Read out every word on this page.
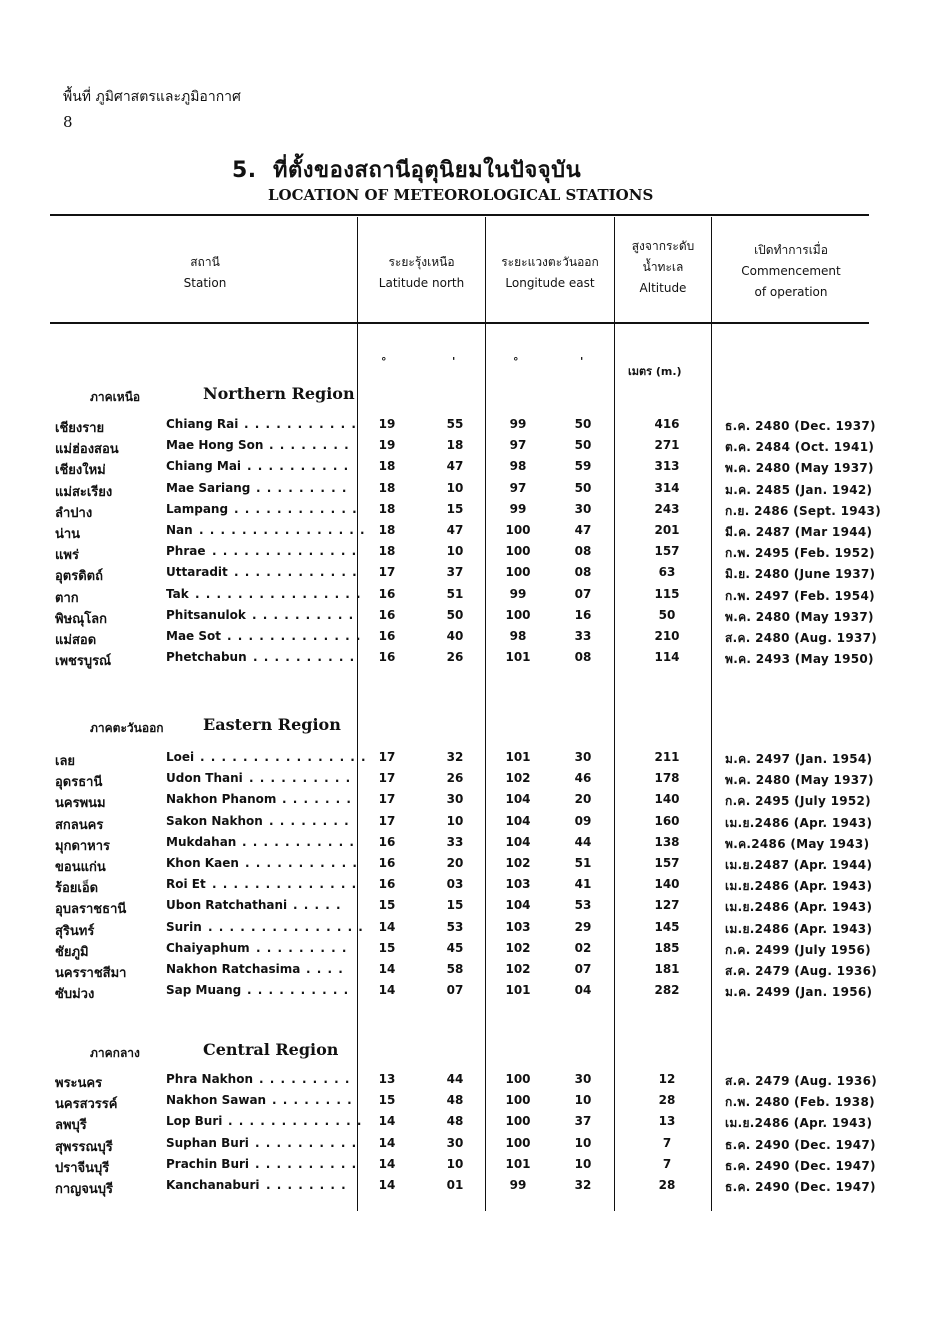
พื้นที่ ภูมิศาสตรและภูมิอากาศ
8
5. ที่ตั้งของสถานีอุตุนิยมในปัจจุบัน
LOCATION OF METEOROLOGICAL STATIONS
สถานี
Station
ระยะรุ้งเหนือ
Latitude north
ระยะแวงตะวันออก
Longitude east
สูงจากระดับ
น้ำทะเล
Altitude
เปิดทำการเมื่อ
Commencement
of operation
°	'	°	'
เมตร (m.)
ภาคเหนือ	Northern Region
เชียงราย	Chiang Rai	19	55	99	50	416	ธ.ค. 2480 (Dec. 1937)
. . . . . . . . . . .
แม่ฮ่องสอน	Mae Hong Son	19	18	97	50	271	ต.ค. 2484 (Oct. 1941)
. . . . . . . .
เชียงใหม่	Chiang Mai	18	47	98	59	313	พ.ค. 2480 (May 1937)
. . . . . . . . . .
แม่สะเรียง	Mae Sariang	18	10	97	50	314	ม.ค. 2485 (Jan. 1942)
. . . . . . . . .
ลำปาง	Lampang	18	15	99	30	243	ก.ย. 2486 (Sept. 1943)
. . . . . . . . . . . .
น่าน	Nan	18	47	100	47	201	มี.ค. 2487 (Mar 1944)
. . . . . . . . . . . . . . . .
แพร่	Phrae	18	10	100	08	157	ก.พ. 2495 (Feb. 1952)
. . . . . . . . . . . . . .
อุตรดิตถ์	Uttaradit	17	37	100	08	63	มิ.ย. 2480 (June 1937)
. . . . . . . . . . . .
ตาก	Tak	16	51	99	07	115	ก.พ. 2497 (Feb. 1954)
. . . . . . . . . . . . . . . .
พิษณุโลก	Phitsanulok	16	50	100	16	50	พ.ค. 2480 (May 1937)
. . . . . . . . . .
แม่สอด	Mae Sot	16	40	98	33	210	ส.ค. 2480 (Aug. 1937)
. . . . . . . . . . . . .
เพชรบูรณ์	Phetchabun	16	26	101	08	114	พ.ค. 2493 (May 1950)
. . . . . . . . . .
ภาคตะวันออก Eastern Region
เลย	Loei	17	32	101	30	211	ม.ค. 2497 (Jan. 1954)
. . . . . . . . . . . . . . . .
อุดรธานี	Udon Thani	17	26	102	46	178	พ.ค. 2480 (May 1937)
. . . . . . . . . .
นครพนม	Nakhon Phanom	17	30	104	20	140	ก.ค. 2495 (July 1952)
. . . . . . .
สกลนคร	Sakon Nakhon	17	10	104	09	160	เม.ย.2486 (Apr. 1943)
. . . . . . . .
มุกดาหาร	Mukdahan	16	33	104	44	138	พ.ค.2486 (May 1943)
. . . . . . . . . . .
ขอนแก่น	Khon Kaen	16	20	102	51	157	เม.ย.2487 (Apr. 1944)
. . . . . . . . . . .
ร้อยเอ็ด	Roi Et	16	03	103	41	140	เม.ย.2486 (Apr. 1943)
. . . . . . . . . . . . . .
อุบลราชธานี	Ubon Ratchathani	15	15	104	53	127	เม.ย.2486 (Apr. 1943)
. . . . .
สุรินทร์	Surin	14	53	103	29	145	เม.ย.2486 (Apr. 1943)
. . . . . . . . . . . . . . .
ชัยภูมิ	Chaiyaphum	15	45	102	02	185	ก.ค. 2499 (July 1956)
. . . . . . . . .
นครราชสีมา	Nakhon Ratchasima	14	58	102	07	181	ส.ค. 2479 (Aug. 1936)
. . . .
ซับม่วง	Sap Muang	14	07	101	04	282	ม.ค. 2499 (Jan. 1956)
. . . . . . . . . .
ภาคกลาง	Central Region
พระนคร	Phra Nakhon	13	44	100	30	12	ส.ค. 2479 (Aug. 1936)
. . . . . . . . .
นครสวรรค์	Nakhon Sawan	15	48	100	10	28	ก.พ. 2480 (Feb. 1938)
. . . . . . . .
ลพบุรี	Lop Buri	14	48	100	37	13	เม.ย.2486 (Apr. 1943)
. . . . . . . . . . . . .
สุพรรณบุรี	Suphan Buri	14	30	100	10	7	ธ.ค. 2490 (Dec. 1947)
. . . . . . . . . .
ปราจีนบุรี	Prachin Buri	14	10	101	10	7	ธ.ค. 2490 (Dec. 1947)
. . . . . . . . . .
กาญจนบุรี	Kanchanaburi	14	01	99	32	28	ธ.ค. 2490 (Dec. 1947)
. . . . . . . .
